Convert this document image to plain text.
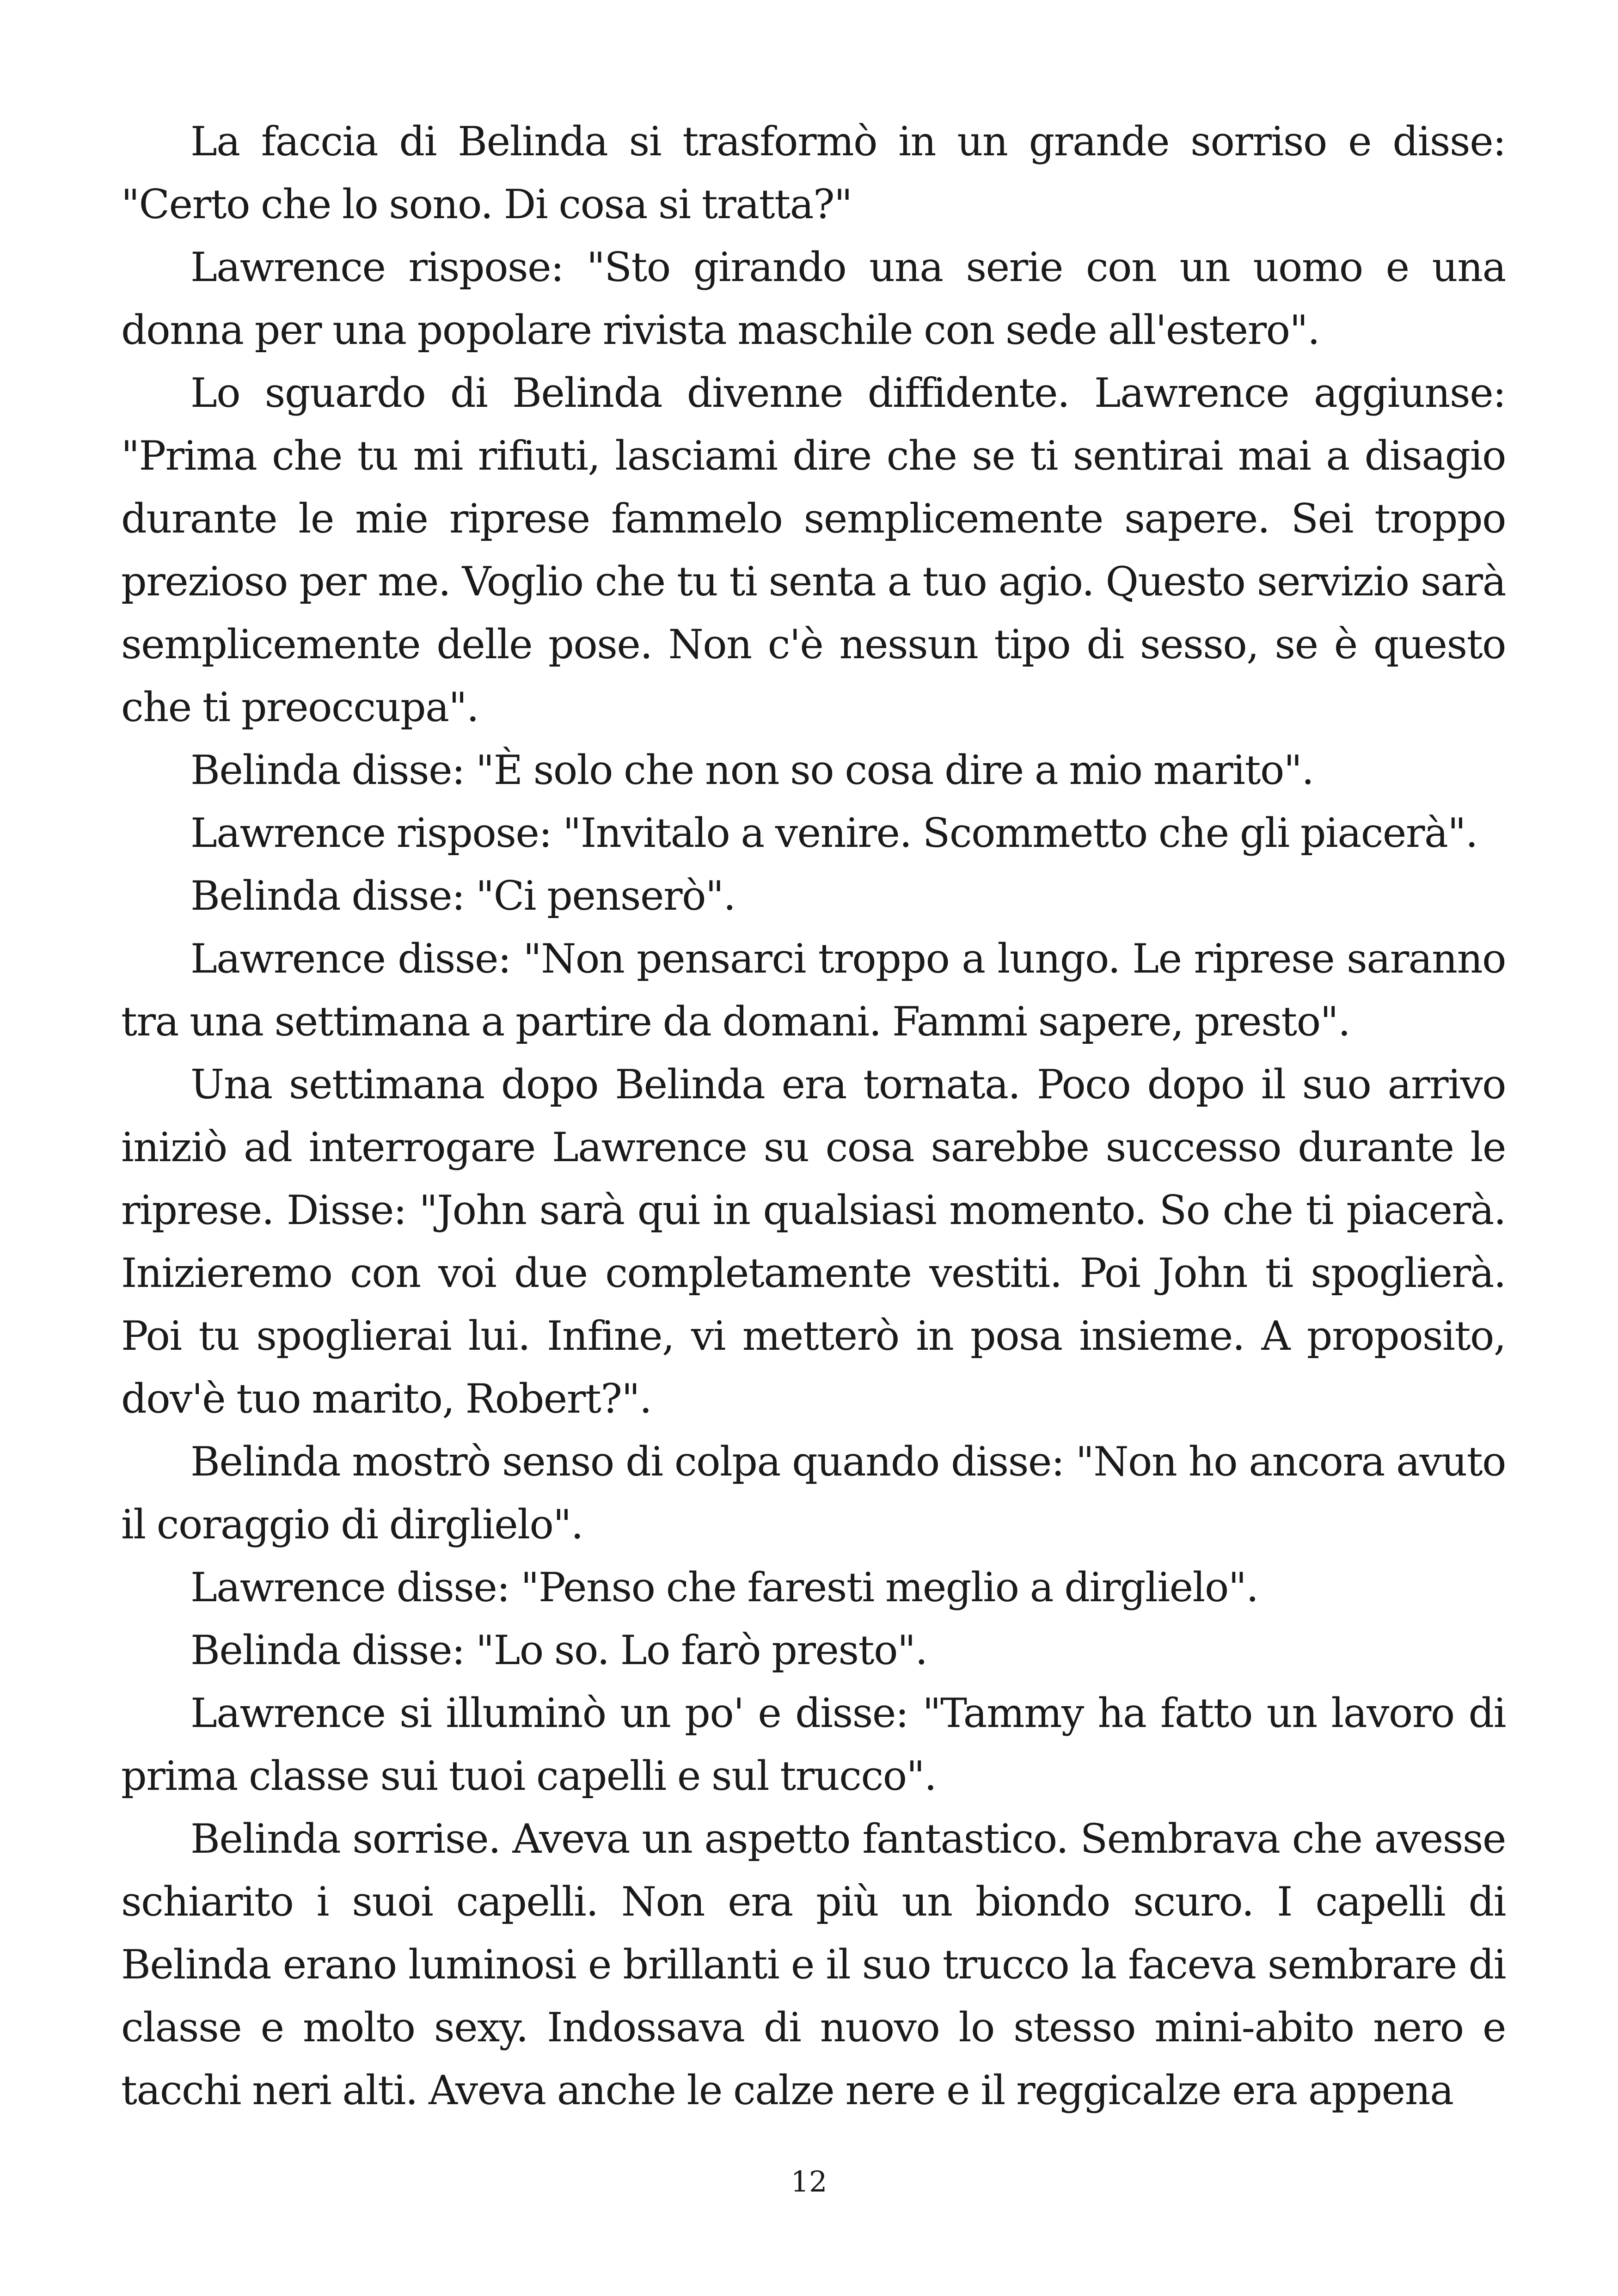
La faccia di Belinda si trasformò in un grande sorriso e disse: "Certo che lo sono. Di cosa si tratta?"

Lawrence rispose: "Sto girando una serie con un uomo e una donna per una popolare rivista maschile con sede all'estero".

Lo sguardo di Belinda divenne diffidente. Lawrence aggiunse: "Prima che tu mi rifiuti, lasciami dire che se ti sentirai mai a disagio durante le mie riprese fammelo semplicemente sapere. Sei troppo prezioso per me. Voglio che tu ti senta a tuo agio. Questo servizio sarà semplicemente delle pose. Non c'è nessun tipo di sesso, se è questo che ti preoccupa".

Belinda disse: "È solo che non so cosa dire a mio marito".

Lawrence rispose: "Invitalo a venire. Scommetto che gli piacerà".

Belinda disse: "Ci penserò".

Lawrence disse: "Non pensarci troppo a lungo. Le riprese saranno tra una settimana a partire da domani. Fammi sapere, presto".

Una settimana dopo Belinda era tornata. Poco dopo il suo arrivo iniziò ad interrogare Lawrence su cosa sarebbe successo durante le riprese. Disse: "John sarà qui in qualsiasi momento. So che ti piacerà. Inizieremo con voi due completamente vestiti. Poi John ti spoglierà. Poi tu spoglierai lui. Infine, vi metterò in posa insieme. A proposito, dov'è tuo marito, Robert?".

Belinda mostrò senso di colpa quando disse: "Non ho ancora avuto il coraggio di dirglielo".

Lawrence disse: "Penso che faresti meglio a dirglielo".

Belinda disse: "Lo so. Lo farò presto".

Lawrence si illuminò un po' e disse: "Tammy ha fatto un lavoro di prima classe sui tuoi capelli e sul trucco".

Belinda sorrise. Aveva un aspetto fantastico. Sembrava che avesse schiarito i suoi capelli. Non era più un biondo scuro. I capelli di Belinda erano luminosi e brillanti e il suo trucco la faceva sembrare di classe e molto sexy. Indossava di nuovo lo stesso mini-abito nero e tacchi neri alti. Aveva anche le calze nere e il reggicalze era appena

12
